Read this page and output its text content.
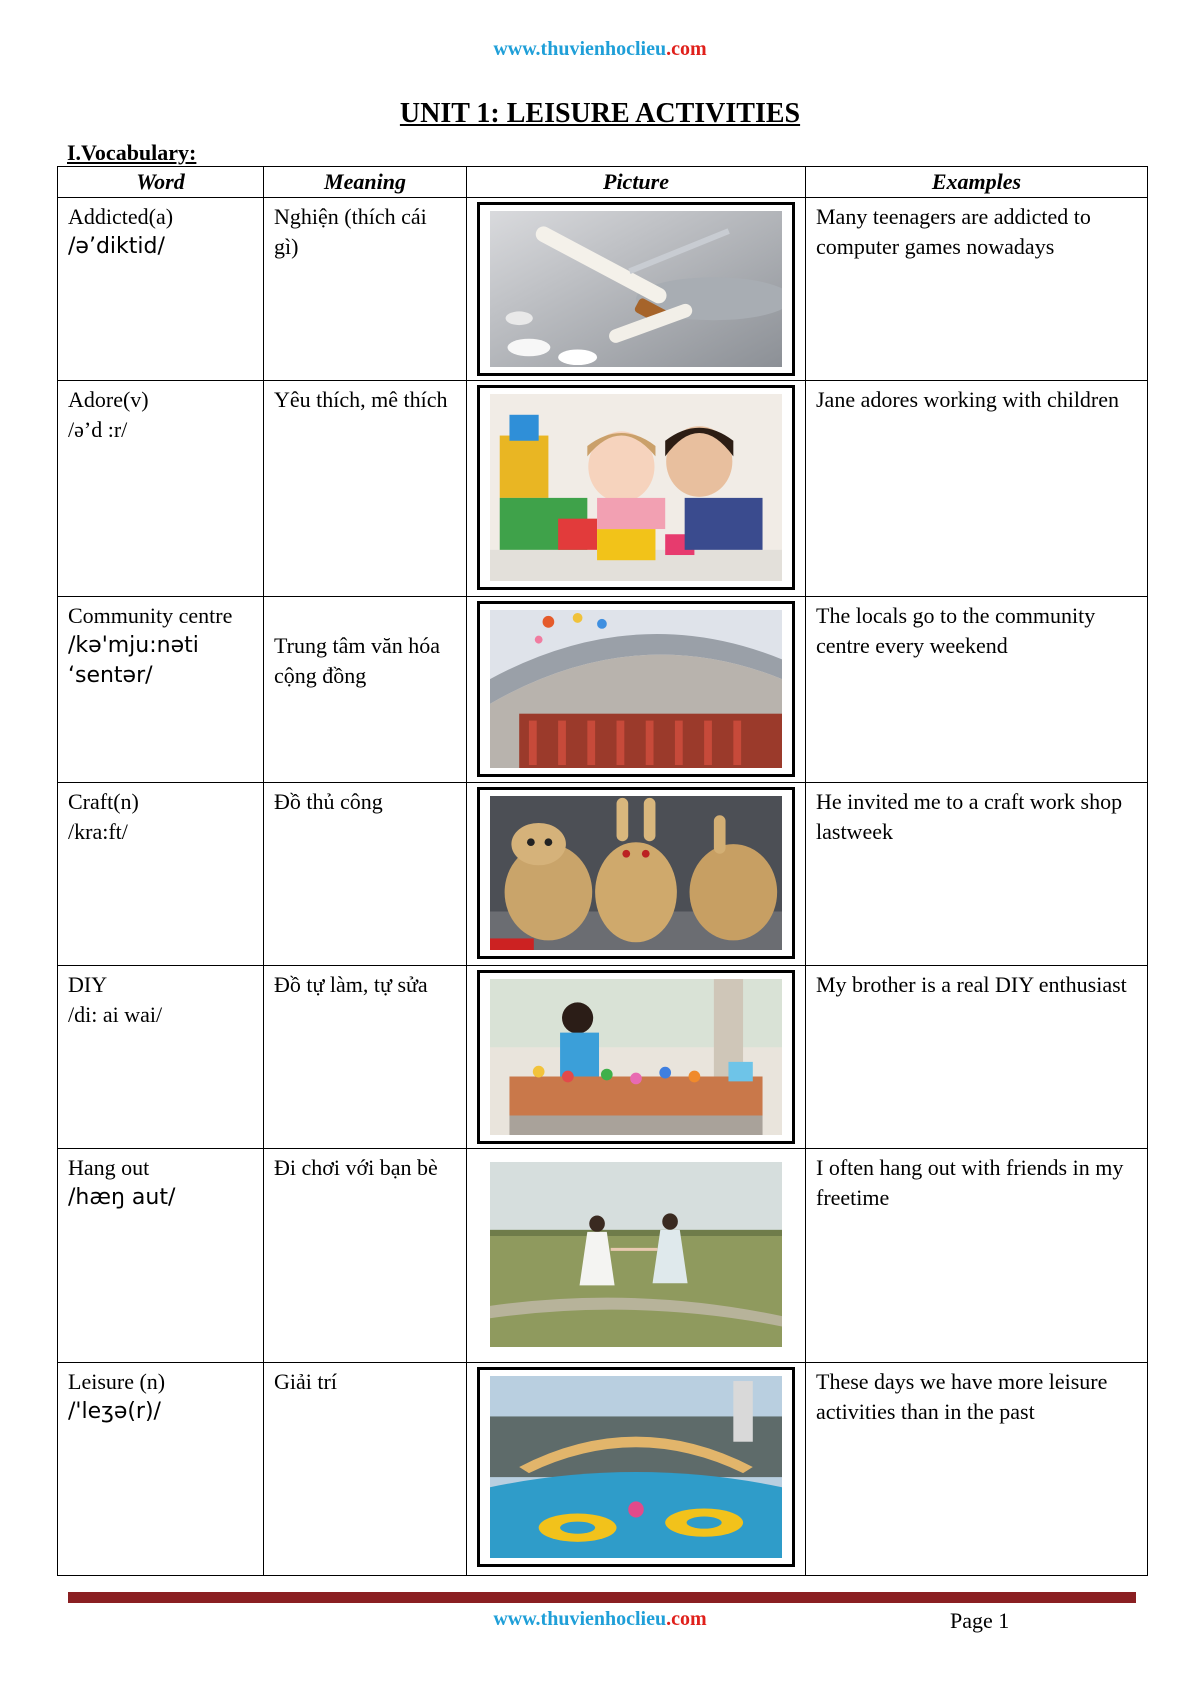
www.thuvienhoclieu.com
UNIT 1: LEISURE ACTIVITIES
I.Vocabulary:
Word	Meaning	Picture	Examples

Addicted(a)
/ə’diktid/	Nghiện (thích cái gì)		Many teenagers are addicted to computer games nowadays

Adore(v)
/ə’d :r/	Yêu thích, mê thích		Jane adores working with children

Community centre
/kə'mju:nəti ‘sentər/	Trung tâm văn hóa cộng đồng		The locals go to the community centre every weekend

Craft(n)
/kra:ft/	Đồ thủ công		He invited me to a craft work shop lastweek

DIY
/di: ai wai/	Đồ tự làm, tự sửa		My brother is a real DIY enthusiast

Hang out
/hæŋ aut/	Đi chơi với bạn bè		I often hang out with friends in my freetime

Leisure (n)
/'leʒə(r)/	Giải trí		These days we have more leisure activities than in the past
www.thuvienhoclieu.com	Page 1
